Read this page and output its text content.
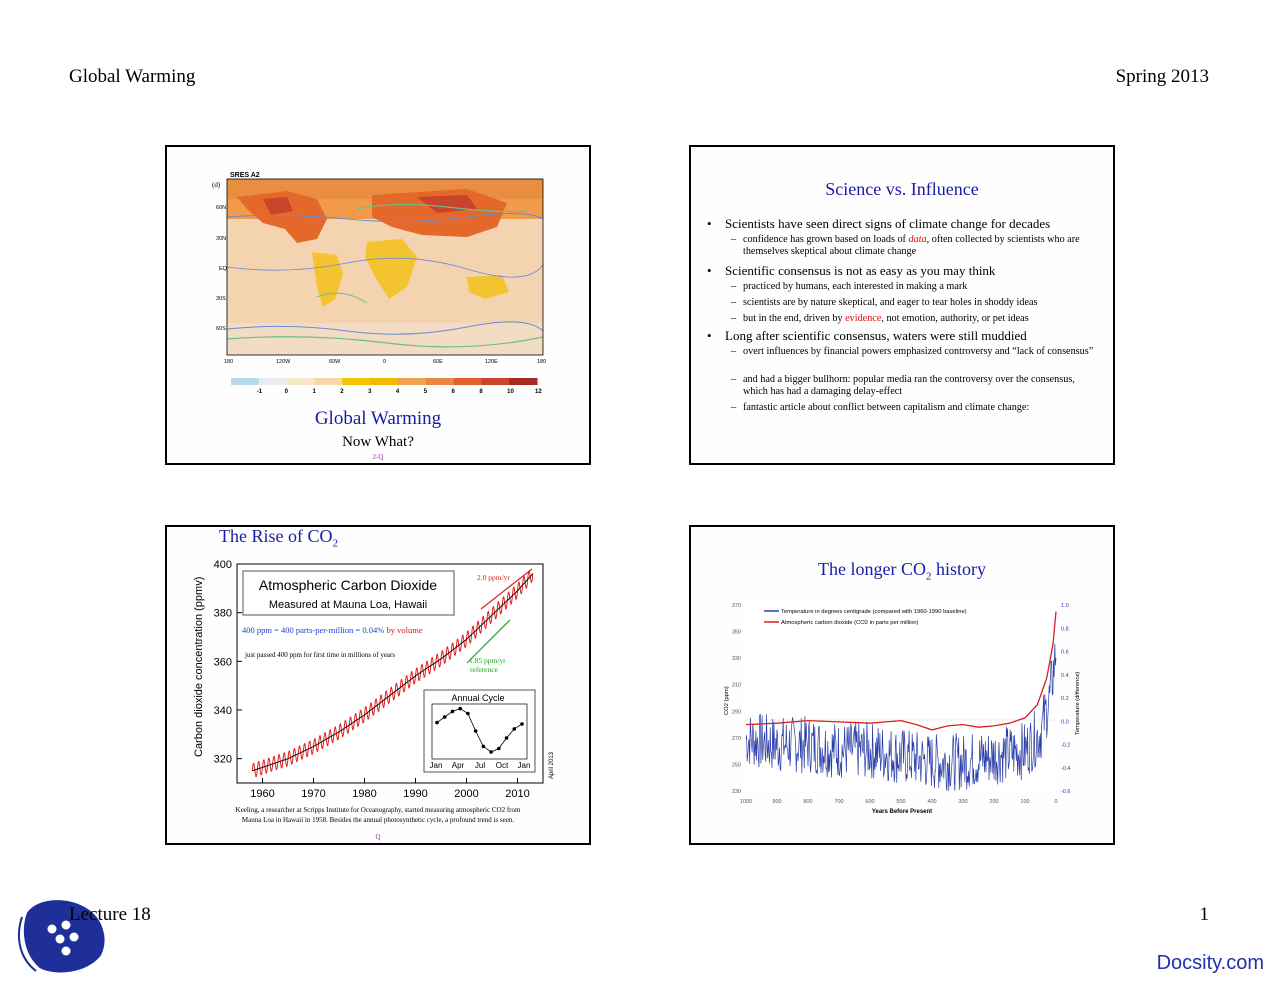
Global Warming	Spring 2013
SRES A2
(d)
60N
30N
EQ
30S
60S
180	120W	60W	0	60E	120E	180
-1	0	1	2	3	4	5	6	8	10	12
Global Warming
Now What?
2-Q
Science vs. Influence
•	Scientists have seen direct signs of climate change for decades
– confidence has grown based on loads of data, often collected by scientists who are themselves skeptical about climate change
•	Scientific consensus is not as easy as you may think
– practiced by humans, each interested in making a mark
– scientists are by nature skeptical, and eager to tear holes in shoddy ideas
– but in the end, driven by evidence, not emotion, authority, or pet ideas
•	Long after scientific consensus, waters were still muddied
– overt influences by financial powers emphasized controversy and “lack of consensus”
– and had a bigger bullhorn: popular media ran the controversy over the consensus, which has had a damaging delay-effect
– fantastic article about conflict between capitalism and climate change:
The Rise of $CO_2$
320
340
360
380
400
1960 1970 1980 1990 2000 2010
Carbon dioxide concentration (ppmv)	Atmospheric Carbon Dioxide
Measured at Mauna Loa, Hawaii
400 ppm = 400 parts-per-million = 0.04% by volume
just passed 400 ppm for first time in millions of years
2.0 ppm/yr
1.85 ppm/yr
reference
Annual Cycle
Jan Apr Jul Oct Jan	April 2013
Keeling, a researcher at Scripps Institute for Oceanography, started measuring atmospheric CO2 from
Mauna Loa in Hawaii in 1958. Besides the annual photosynthetic cycle, a profound trend is seen.
Q
The longer $CO_2$ history
Temperature in degrees centigrade (compared with 1960-1990 baseline)
Atmospheric carbon dioxide (CO2 in parts per million)
230
250
270
290
310
330
350
370
-0.6
-0.4
-0.2
0.0
0.2
0.4
0.6
0.8
1.0
1000	900	800	700	600	500	400	300	200	100	0
CO2 (ppm)	Temperature (difference)
Years Before Present
Lecture 18	1
Docsity.com
